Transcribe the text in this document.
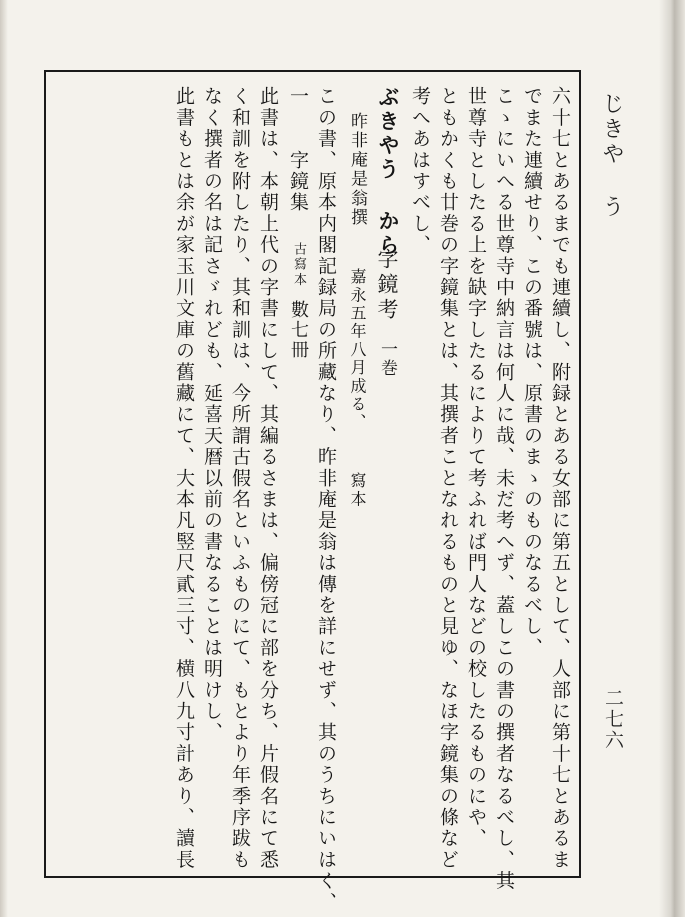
じきや う
六十七とあるまでも連續し、附録とある女部に第五として、人部に第十七とあるま
でまた連續せり、この番號は、原書のまゝのものなるべし、
こゝにいへる世尊寺中納言は何人に哉、未だ考へず、蓋しこの書の撰者なるべし、其
世尊寺としたる上を缺字したるによりて考ふれば門人などの校したるものにや、
ともかくも廿巻の字鏡集とは、其撰者ことなれるものと見ゆ、なほ字鏡集の條など
考へあはすべし、
ぶきやう から
字鏡考
一巻
昨非庵是翁撰
嘉永五年八月成る、
寫本
この書、原本内閣記録局の所藏なり、昨非庵是翁は傳を詳にせず、其のうちにいはく、
一　　字鏡集
古寫本
數七冊
此書は、本朝上代の字書にして、其編るさまは、偏傍冠に部を分ち、片假名にて悉
く和訓を附したり、其和訓は、今所謂古假名といふものにて、もとより年季序跋も
なく撰者の名は記さゞれども、延喜天暦以前の書なることは明けし、
此書もとは余が家玉川文庫の舊藏にて、大本凡竪尺貳三寸、横八九寸計あり、讀長	二七六
